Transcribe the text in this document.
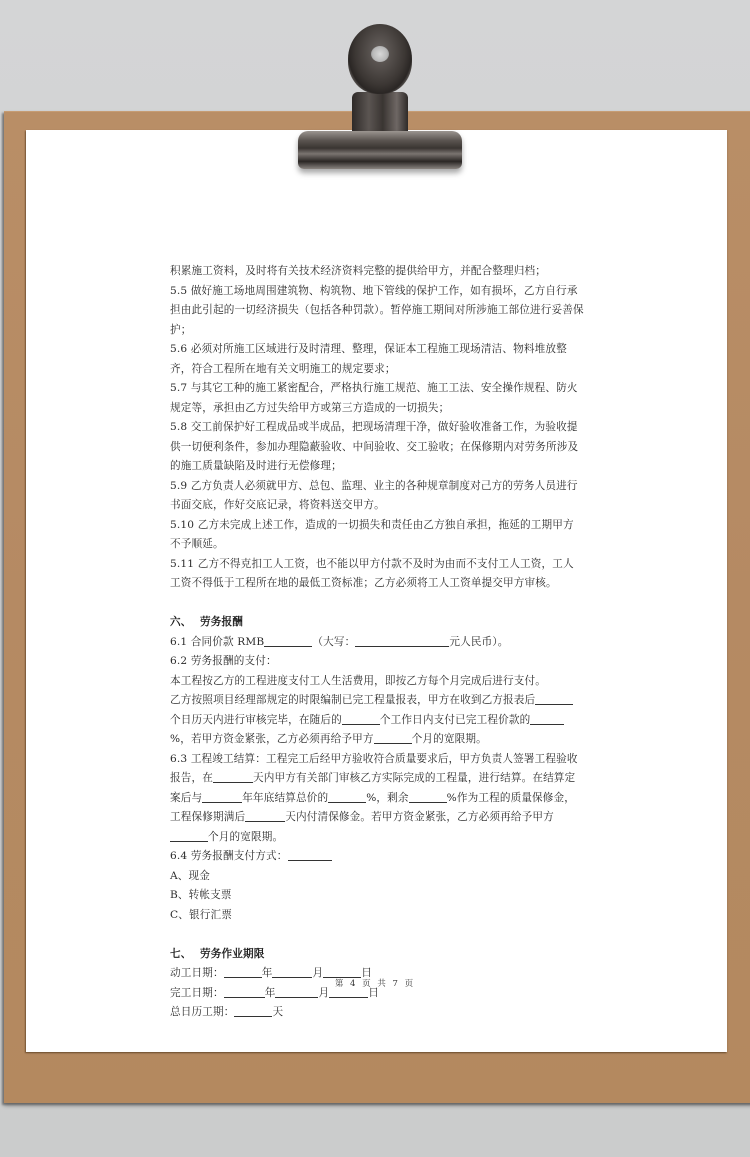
积累施工资料，及时将有关技术经济资料完整的提供给甲方，并配合整理归档；

5.5 做好施工场地周围建筑物、构筑物、地下管线的保护工作，如有损坏，乙方自行承担由此引起的一切经济损失（包括各种罚款）。暂停施工期间对所涉施工部位进行妥善保护；

5.6 必须对所施工区域进行及时清理、整理，保证本工程施工现场清洁、物料堆放整齐，符合工程所在地有关文明施工的规定要求；

5.7 与其它工种的施工紧密配合，严格执行施工规范、施工工法、安全操作规程、防火规定等，承担由乙方过失给甲方或第三方造成的一切损失；

5.8 交工前保护好工程成品或半成品，把现场清理干净，做好验收准备工作，为验收提供一切便利条件，参加办理隐蔽验收、中间验收、交工验收；在保修期内对劳务所涉及的施工质量缺陷及时进行无偿修理；

5.9 乙方负责人必须就甲方、总包、监理、业主的各种规章制度对己方的劳务人员进行书面交底，作好交底记录，将资料送交甲方。

5.10 乙方未完成上述工作，造成的一切损失和责任由乙方独自承担，拖延的工期甲方不予顺延。

5.11 乙方不得克扣工人工资，也不能以甲方付款不及时为由而不支付工人工资，工人工资不得低于工程所在地的最低工资标准；乙方必须将工人工资单提交甲方审核。

六、 劳务报酬

6.1 合同价款 RMB	（大写：	元人民币）。

6.2 劳务报酬的支付：

本工程按乙方的工程进度支付工人生活费用，即按乙方每个月完成后进行支付。

乙方按照项目经理部规定的时限编制已完工程量报表，甲方在收到乙方报表后个日历天内进行审核完毕，在随后的	个工作日内支付已完工程价款的%，若甲方资金紧张，乙方必须再给予甲方	个月的宽限期。

6.3 工程竣工结算：工程完工后经甲方验收符合质量要求后，甲方负责人签署工程验收报告，在	天内甲方有关部门审核乙方实际完成的工程量，进行结算。在结算定案后与	年年底结算总价的	%，剩余	%作为工程的质量保修金，工程保修期满后	天内付清保修金。若甲方资金紧张，乙方必须再给予甲方个月的宽限期。

6.4 劳务报酬支付方式：

A、现金

B、转帐支票

C、银行汇票

七、 劳务作业期限

动工日期：	年	月	日

完工日期：	年	月	日

总日历工期：	天

第 4 页 共 7 页
